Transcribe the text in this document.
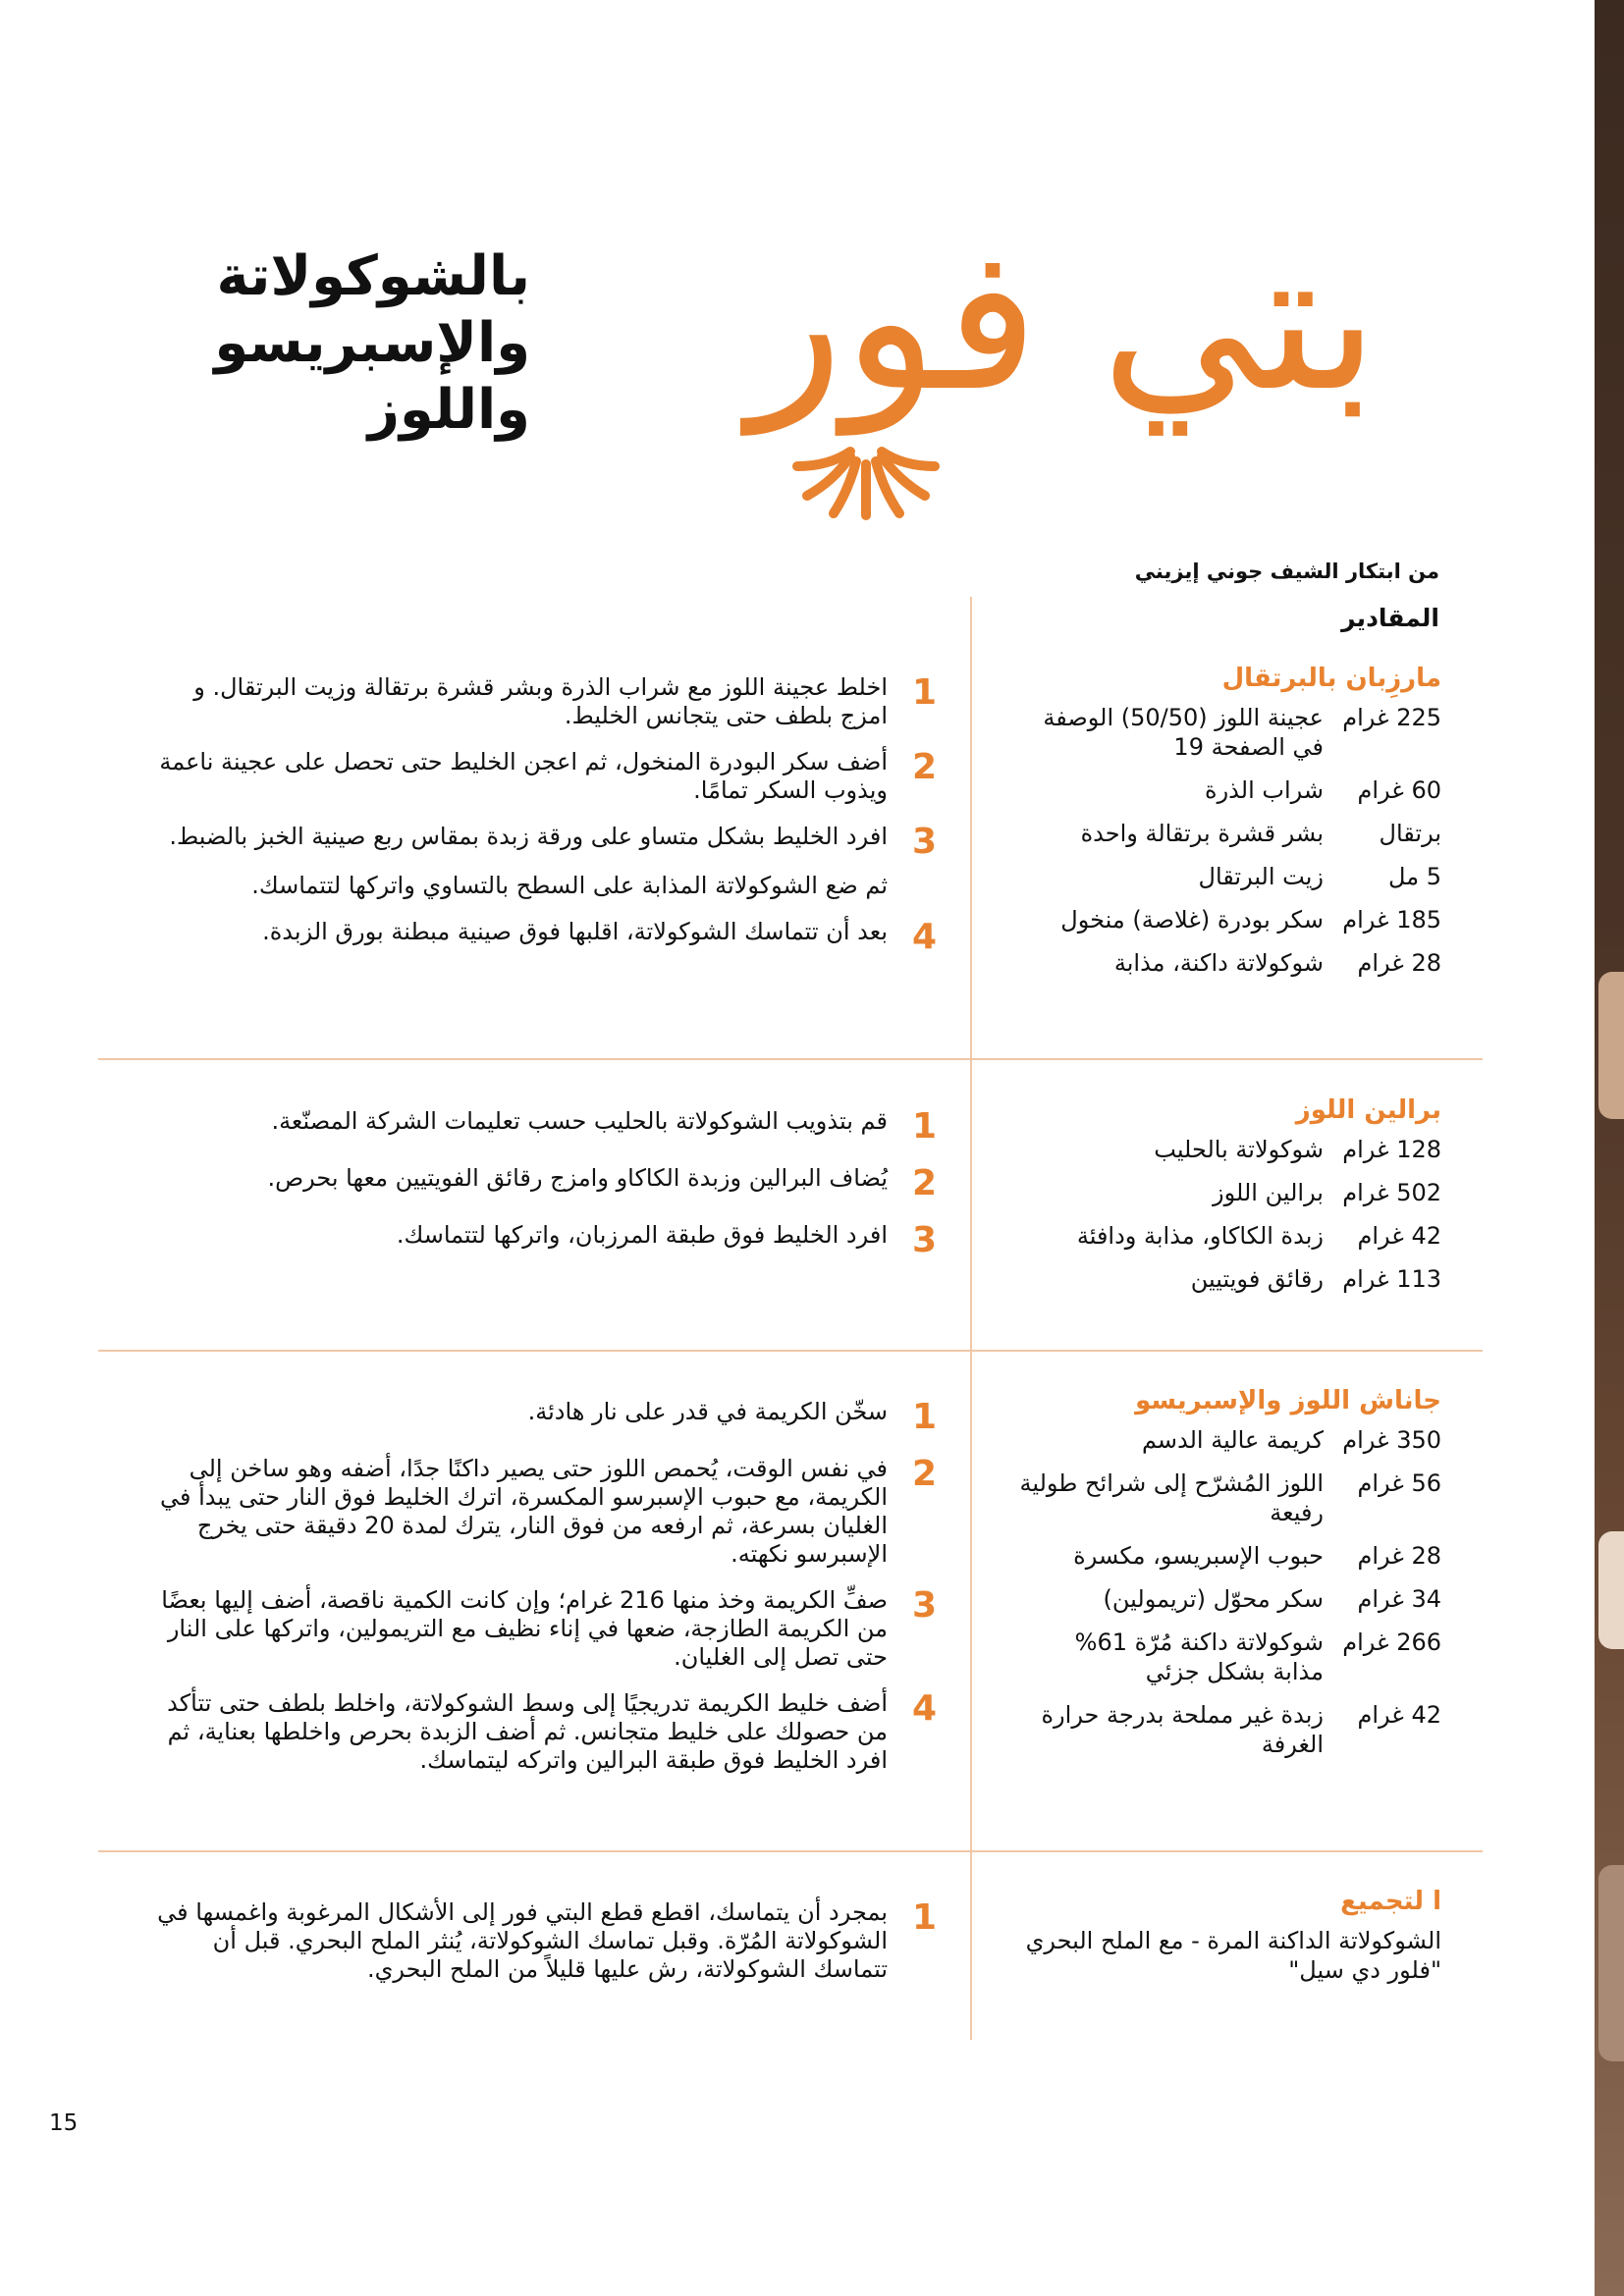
بتي فور
بالشوكولاتة
والإسبريسو
واللوز
من ابتكار الشيف جوني إيزيني
المقادير
مارزِبان بالبرتقال
225 غرام
عجينة اللوز (50/50) الوصفة في الصفحة 19
60 غرام
شراب الذرة
برتقال
بشر قشرة برتقالة واحدة
5 مل
زيت البرتقال
185 غرام
سكر بودرة (غلاصة) منخول
28 غرام
شوكولاتة داكنة، مذابة
1
اخلط عجينة اللوز مع شراب الذرة وبشر قشرة برتقالة وزيت البرتقال. و امزج بلطف حتى يتجانس الخليط.
2
أضف سكر البودرة المنخول، ثم اعجن الخليط حتى تحصل على عجينة ناعمة ويذوب السكر تمامًا.
3
افرد الخليط بشكل متساو على ورقة زبدة بمقاس ربع صينية الخبز بالضبط.
ثم ضع الشوكولاتة المذابة على السطح بالتساوي واتركها لتتماسك.
4
بعد أن تتماسك الشوكولاتة، اقلبها فوق صينية مبطنة بورق الزبدة.
برالين اللوز
128 غرام
شوكولاتة بالحليب
502 غرام
برالين اللوز
42 غرام
زبدة الكاكاو، مذابة ودافئة
113 غرام
رقائق فويتيين
1
قم بتذويب الشوكولاتة بالحليب حسب تعليمات الشركة المصنّعة.
2
يُضاف البرالين وزبدة الكاكاو وامزج رقائق الفويتيين معها بحرص.
3
افرد الخليط فوق طبقة المرزبان، واتركها لتتماسك.
جاناش اللوز والإسبريسو
350 غرام
كريمة عالية الدسم
56 غرام
اللوز المُشرّح إلى شرائح طولية رفيعة
28 غرام
حبوب الإسبريسو، مكسرة
34 غرام
سكر محوّل (تريمولين)
266 غرام
شوكولاتة داكنة مُرّة 61% مذابة بشكل جزئي
42 غرام
زبدة غير مملحة بدرجة حرارة الغرفة
1
سخّن الكريمة في قدر على نار هادئة.
2
في نفس الوقت، يُحمص اللوز حتى يصير داكنًا جدًا، أضفه وهو ساخن إلى الكريمة، مع حبوب الإسبرسو المكسرة، اترك الخليط فوق النار حتى يبدأ في الغليان بسرعة، ثم ارفعه من فوق النار، يترك لمدة 20 دقيقة حتى يخرج الإسبرسو نكهته.
3
صفِّ الكريمة وخذ منها 216 غرام؛ وإن كانت الكمية ناقصة، أضف إليها بعضًا من الكريمة الطازجة، ضعها في إناء نظيف مع التريمولين، واتركها على النار حتى تصل إلى الغليان.
4
أضف خليط الكريمة تدريجيًا إلى وسط الشوكولاتة، واخلط بلطف حتى تتأكد من حصولك على خليط متجانس. ثم أضف الزبدة بحرص واخلطها بعناية، ثم افرد الخليط فوق طبقة البرالين واتركه ليتماسك.
ا لتجميع
الشوكولاتة الداكنة المرة - مع الملح البحري "فلور دي سيل"
1
بمجرد أن يتماسك، اقطع قطع البتي فور إلى الأشكال المرغوبة واغمسها في الشوكولاتة المُرّة. وقبل تماسك الشوكولاتة، يُنثر الملح البحري. قبل أن تتماسك الشوكولاتة، رش عليها قليلاً من الملح البحري.
15
